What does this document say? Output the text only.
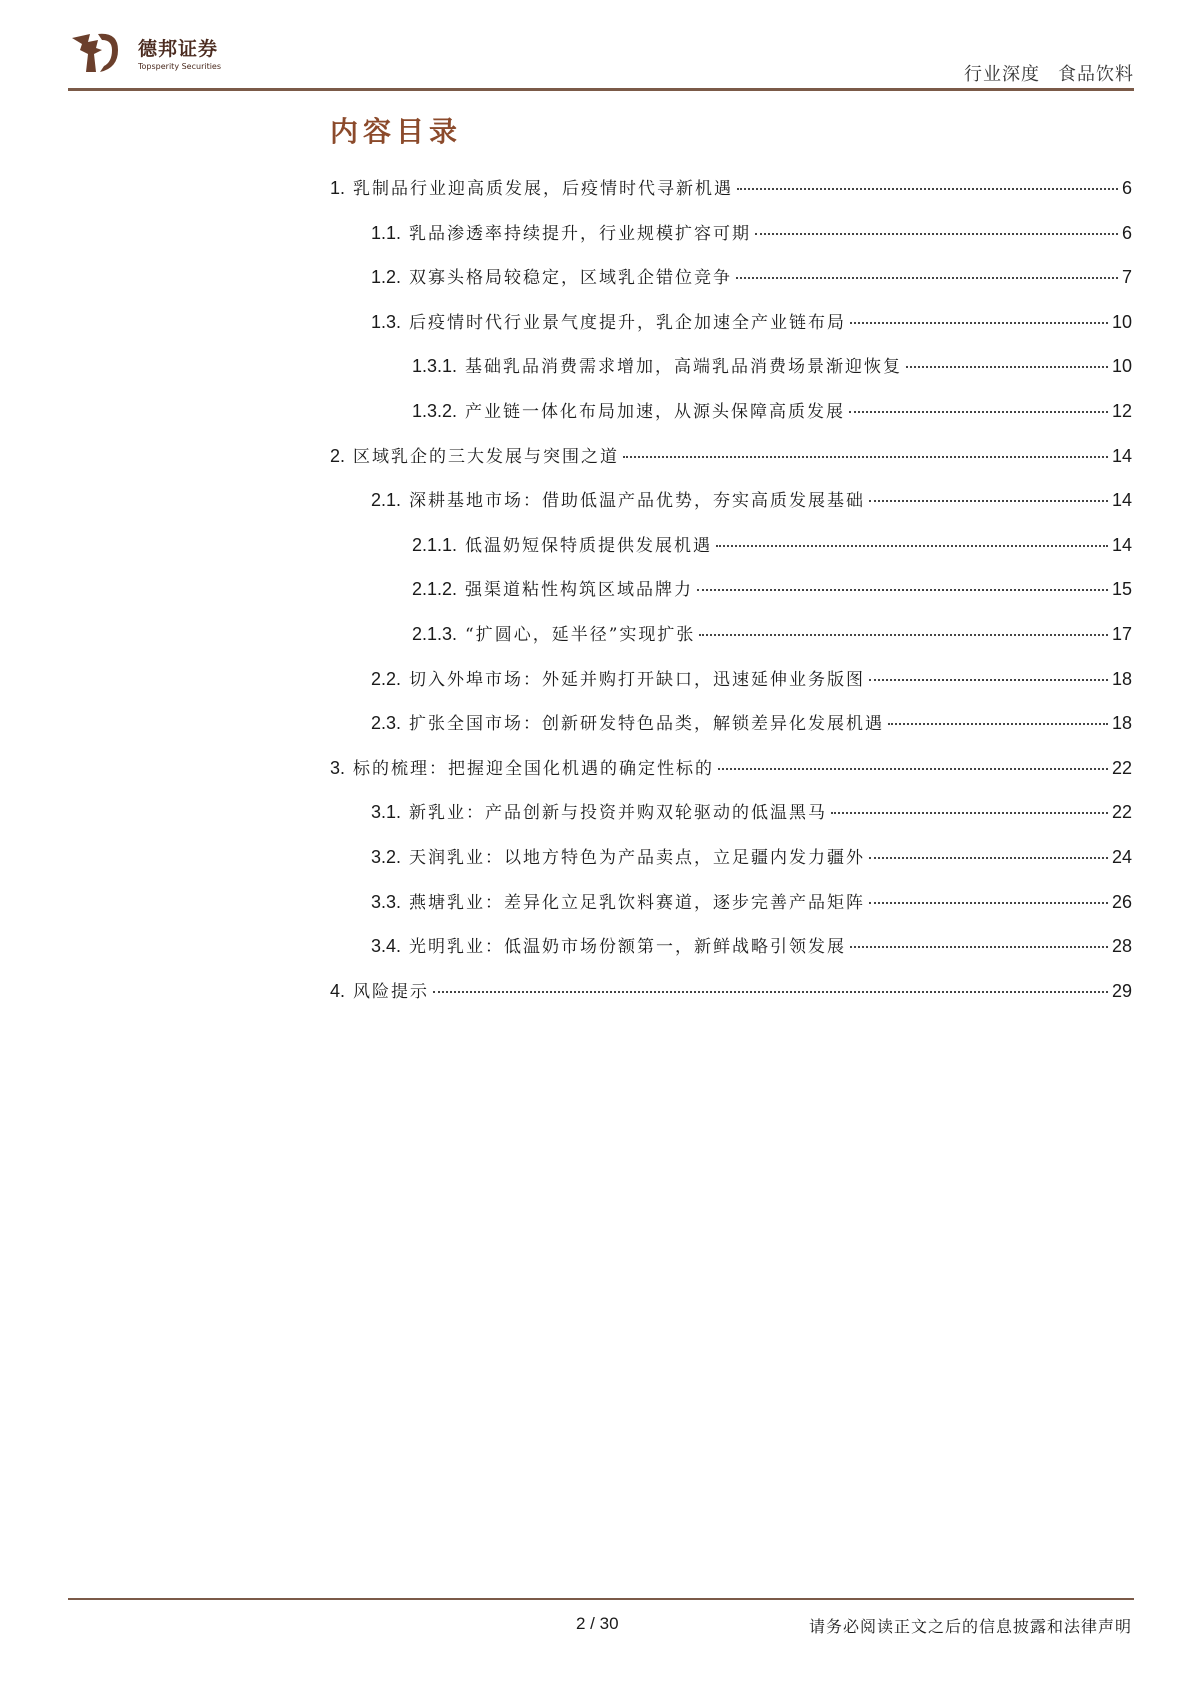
德邦证券
Topsperity Securities	行业深度 食品饮料
内容目录
1. 乳制品行业迎高质发展，后疫情时代寻新机遇	6
1.1. 乳品渗透率持续提升，行业规模扩容可期	6
1.2. 双寡头格局较稳定，区域乳企错位竞争	7
1.3. 后疫情时代行业景气度提升，乳企加速全产业链布局	10
1.3.1. 基础乳品消费需求增加，高端乳品消费场景渐迎恢复	10
1.3.2. 产业链一体化布局加速，从源头保障高质发展	12
2. 区域乳企的三大发展与突围之道	14
2.1. 深耕基地市场：借助低温产品优势，夯实高质发展基础	14
2.1.1. 低温奶短保特质提供发展机遇	14
2.1.2. 强渠道粘性构筑区域品牌力	15
2.1.3. “扩圆心，延半径”实现扩张	17
2.2. 切入外埠市场：外延并购打开缺口，迅速延伸业务版图	18
2.3. 扩张全国市场：创新研发特色品类，解锁差异化发展机遇	18
3. 标的梳理：把握迎全国化机遇的确定性标的	22
3.1. 新乳业：产品创新与投资并购双轮驱动的低温黑马	22
3.2. 天润乳业：以地方特色为产品卖点，立足疆内发力疆外	24
3.3. 燕塘乳业：差异化立足乳饮料赛道，逐步完善产品矩阵	26
3.4. 光明乳业：低温奶市场份额第一，新鲜战略引领发展	28
4. 风险提示	29
2 / 30	请务必阅读正文之后的信息披露和法律声明
